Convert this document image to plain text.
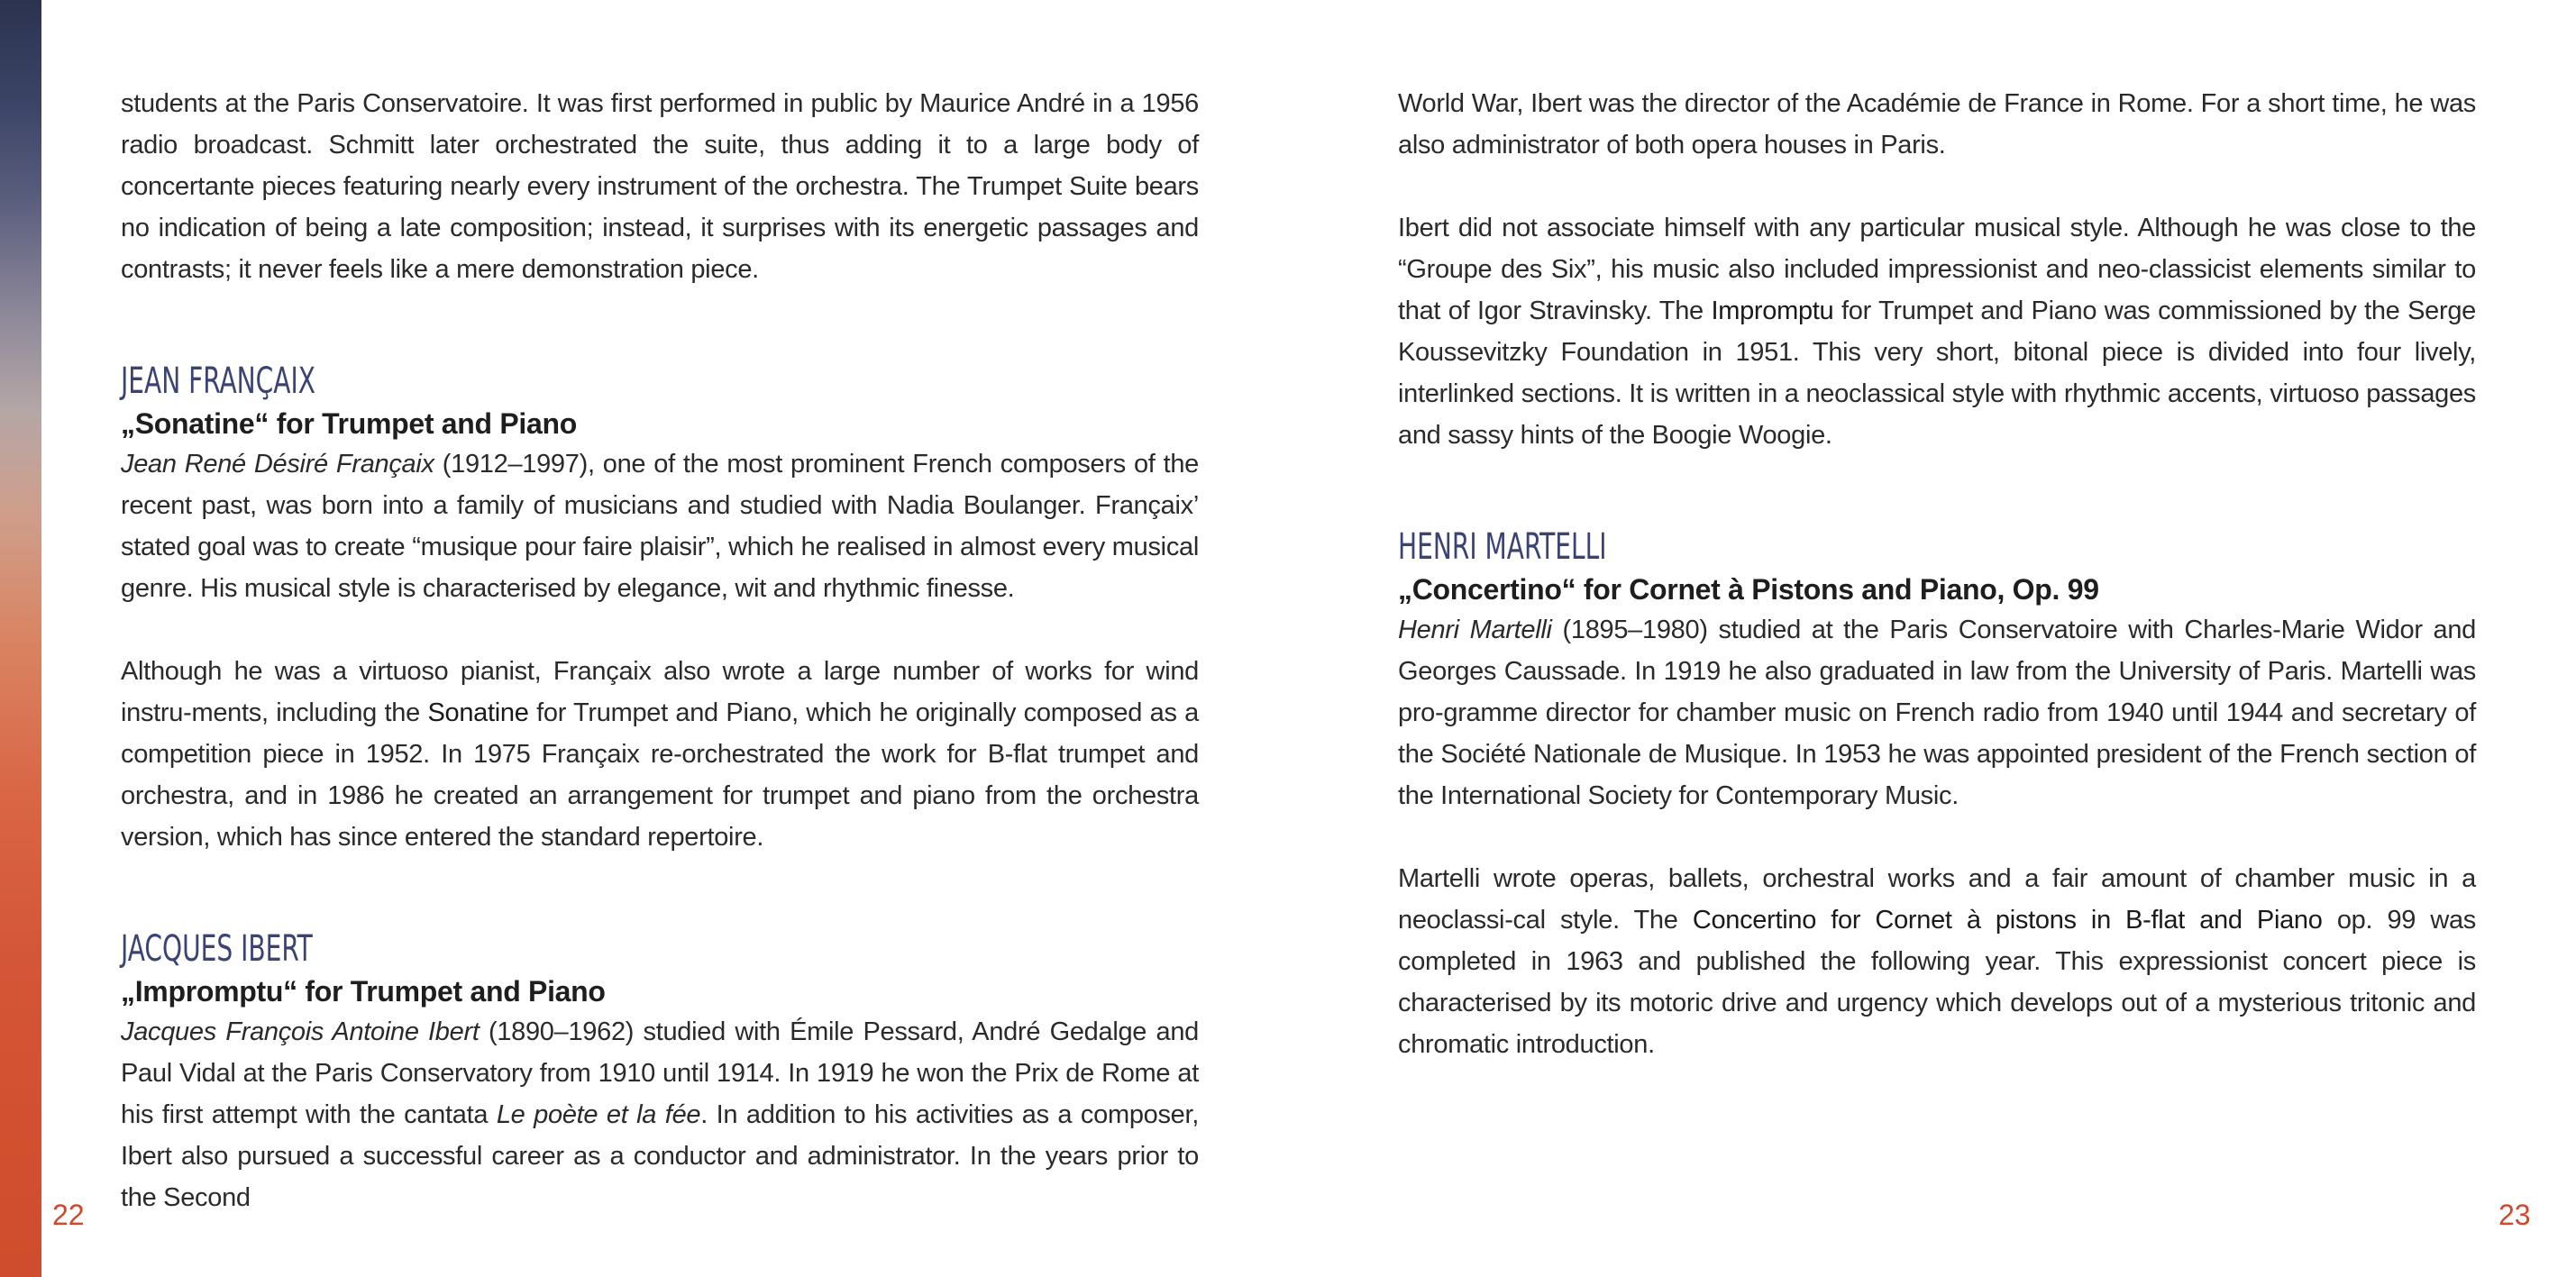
students at the Paris Conservatoire. It was first performed in public by Maurice André in a 1956 radio broadcast. Schmitt later orchestrated the suite, thus adding it to a large body of concertante pieces featuring nearly every instrument of the orchestra. The Trumpet Suite bears no indication of being a late composition; instead, it surprises with its energetic passages and contrasts; it never feels like a mere demonstration piece.

JEAN FRANÇAIX
„Sonatine“ for Trumpet and Piano

Jean René Désiré Françaix (1912–1997), one of the most prominent French composers of the recent past, was born into a family of musicians and studied with Nadia Boulanger. Françaix’ stated goal was to create “musique pour faire plaisir”, which he realised in almost every musical genre. His musical style is characterised by elegance, wit and rhythmic finesse.

Although he was a virtuoso pianist, Françaix also wrote a large number of works for wind instru-ments, including the Sonatine for Trumpet and Piano, which he originally composed as a competition piece in 1952. In 1975 Françaix re-orchestrated the work for B-flat trumpet and orchestra, and in 1986 he created an arrangement for trumpet and piano from the orchestra version, which has since entered the standard repertoire.

JACQUES IBERT
„Impromptu“ for Trumpet and Piano

Jacques François Antoine Ibert (1890–1962) studied with Émile Pessard, André Gedalge and Paul Vidal at the Paris Conservatory from 1910 until 1914. In 1919 he won the Prix de Rome at his first attempt with the cantata Le poète et la fée. In addition to his activities as a composer, Ibert also pursued a successful career as a conductor and administrator. In the years prior to the Second

22

World War, Ibert was the director of the Académie de France in Rome. For a short time, he was also administrator of both opera houses in Paris.

Ibert did not associate himself with any particular musical style. Although he was close to the “Groupe des Six”, his music also included impressionist and neo-classicist elements similar to that of Igor Stravinsky. The Impromptu for Trumpet and Piano was commissioned by the Serge Koussevitzky Foundation in 1951. This very short, bitonal piece is divided into four lively, interlinked sections. It is written in a neoclassical style with rhythmic accents, virtuoso passages and sassy hints of the Boogie Woogie.

HENRI MARTELLI
„Concertino“ for Cornet à Pistons and Piano, Op. 99

Henri Martelli (1895–1980) studied at the Paris Conservatoire with Charles-Marie Widor and Georges Caussade. In 1919 he also graduated in law from the University of Paris. Martelli was pro-gramme director for chamber music on French radio from 1940 until 1944 and secretary of the Société Nationale de Musique. In 1953 he was appointed president of the French section of the International Society for Contemporary Music.

Martelli wrote operas, ballets, orchestral works and a fair amount of chamber music in a neoclassi-cal style. The Concertino for Cornet à pistons in B-flat and Piano op. 99 was completed in 1963 and published the following year. This expressionist concert piece is characterised by its motoric drive and urgency which develops out of a mysterious tritonic and chromatic introduction.

23
